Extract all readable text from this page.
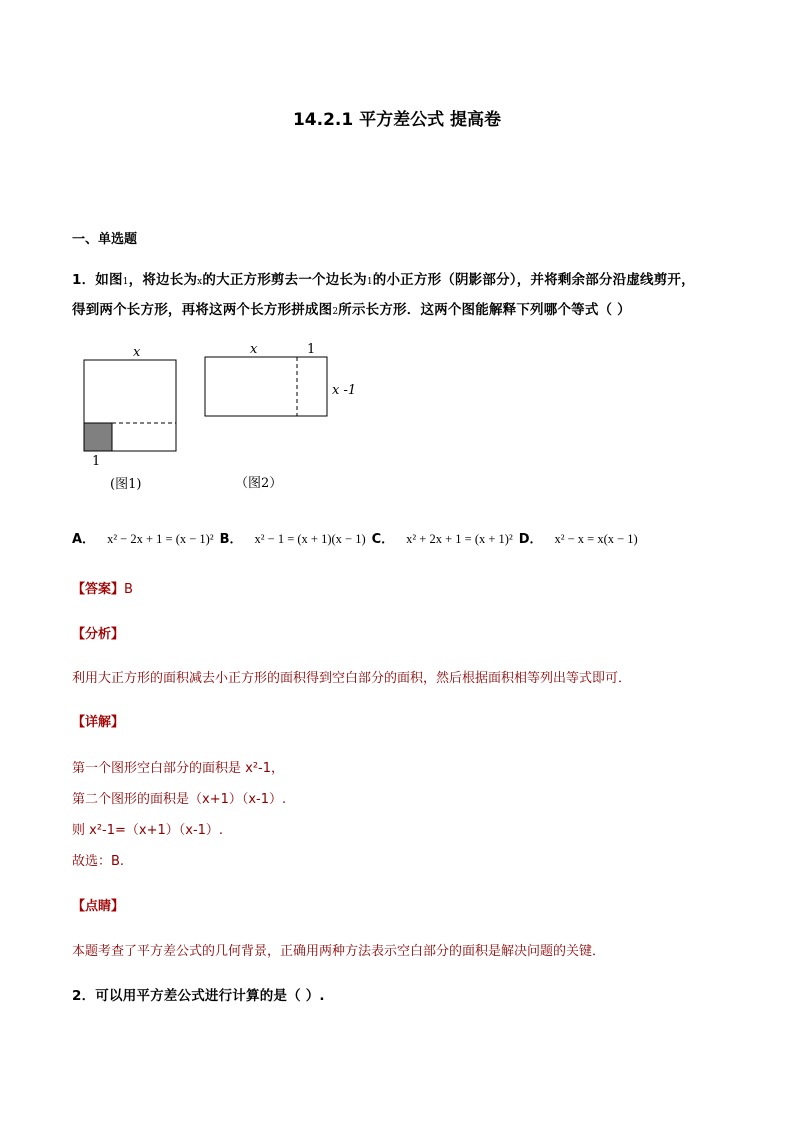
14.2.1 平方差公式 提高卷
一、单选题
1．如图1，将边长为x的大正方形剪去一个边长为1的小正方形（阴影部分），并将剩余部分沿虚线剪开，
得到两个长方形，再将这两个长方形拼成图2所示长方形．这两个图能解释下列哪个等式（ ）
x
1
(图1)
x	1
x -1
（图2）
A． x² − 2x + 1 = (x − 1)² B． x² − 1 = (x + 1)(x − 1) C． x² + 2x + 1 = (x + 1)² D． x² − x = x(x − 1)
【答案】B
【分析】
利用大正方形的面积减去小正方形的面积得到空白部分的面积，然后根据面积相等列出等式即可．
【详解】
第一个图形空白部分的面积是 x²-1，
第二个图形的面积是（x+1）（x-1）.
则 x²-1=（x+1）（x-1）.
故选：B.
【点睛】
本题考查了平方差公式的几何背景，正确用两种方法表示空白部分的面积是解决问题的关键．
2．可以用平方差公式进行计算的是（ ）.
